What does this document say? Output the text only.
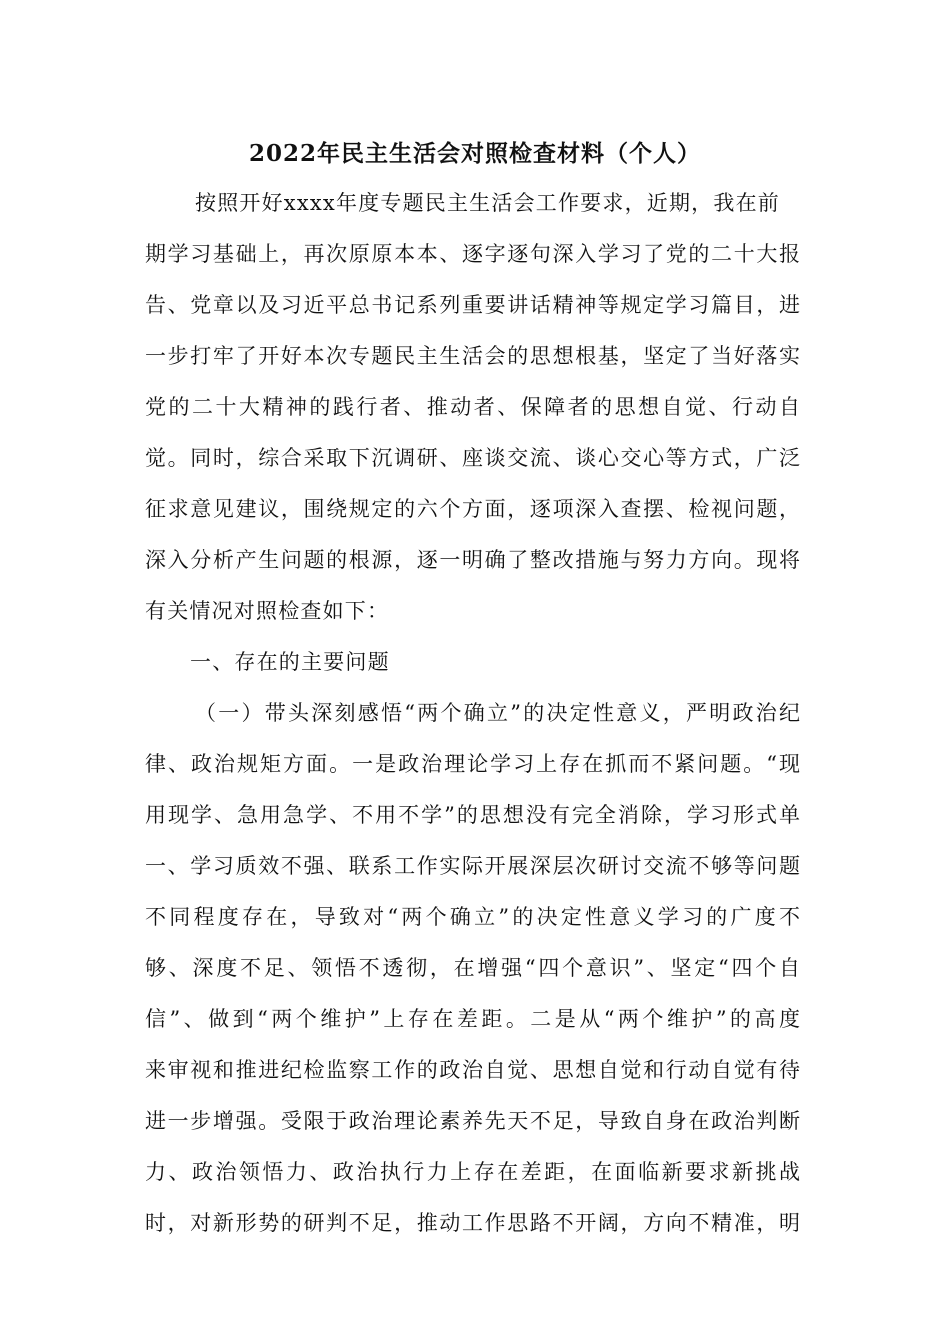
2022年民主生活会对照检查材料（个人）
按照开好xxxx年度专题民主生活会工作要求，近期，我在前
期学习基础上，再次原原本本、逐字逐句深入学习了党的二十大报
告、党章以及习近平总书记系列重要讲话精神等规定学习篇目，进
一步打牢了开好本次专题民主生活会的思想根基，坚定了当好落实
党的二十大精神的践行者、推动者、保障者的思想自觉、行动自
觉。同时，综合采取下沉调研、座谈交流、谈心交心等方式，广泛
征求意见建议，围绕规定的六个方面，逐项深入查摆、检视问题，
深入分析产生问题的根源，逐一明确了整改措施与努力方向。现将
有关情况对照检查如下：
一、存在的主要问题
（一）带头深刻感悟“两个确立”的决定性意义，严明政治纪
律、政治规矩方面。一是政治理论学习上存在抓而不紧问题。“现
用现学、急用急学、不用不学”的思想没有完全消除，学习形式单
一、学习质效不强、联系工作实际开展深层次研讨交流不够等问题
不同程度存在，导致对“两个确立”的决定性意义学习的广度不
够、深度不足、领悟不透彻，在增强“四个意识”、坚定“四个自
信”、做到“两个维护”上存在差距。二是从“两个维护”的高度
来审视和推进纪检监察工作的政治自觉、思想自觉和行动自觉有待
进一步增强。受限于政治理论素养先天不足，导致自身在政治判断
力、政治领悟力、政治执行力上存在差距，在面临新要求新挑战
时，对新形势的研判不足，推动工作思路不开阔，方向不精准，明
